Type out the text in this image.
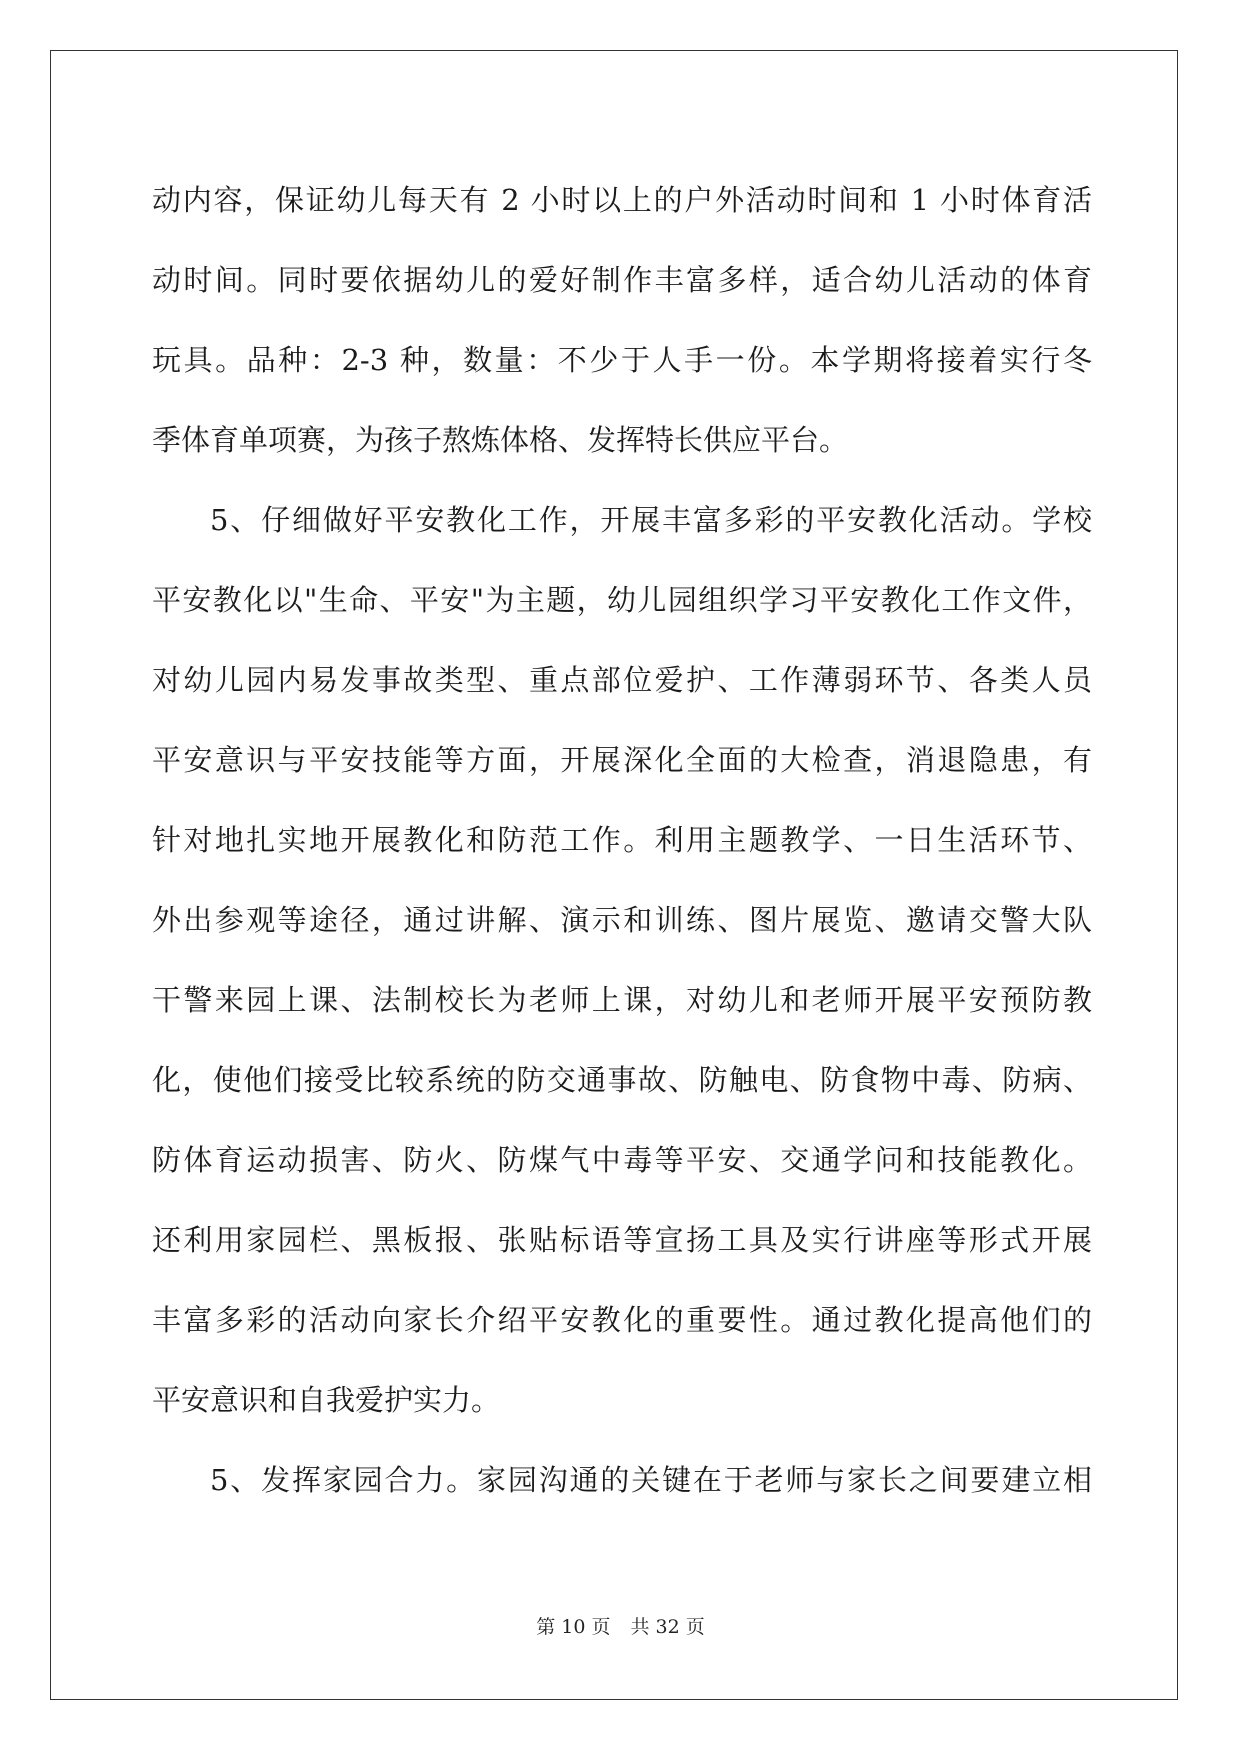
动内容，保证幼儿每天有 2 小时以上的户外活动时间和 1 小时体育活
动时间。同时要依据幼儿的爱好制作丰富多样，适合幼儿活动的体育
玩具。品种：2-3 种，数量：不少于人手一份。本学期将接着实行冬
季体育单项赛，为孩子熬炼体格、发挥特长供应平台。
5、仔细做好平安教化工作，开展丰富多彩的平安教化活动。学校
平安教化以"生命、平安"为主题，幼儿园组织学习平安教化工作文件，
对幼儿园内易发事故类型、重点部位爱护、工作薄弱环节、各类人员
平安意识与平安技能等方面，开展深化全面的大检查，消退隐患，有
针对地扎实地开展教化和防范工作。利用主题教学、一日生活环节、
外出参观等途径，通过讲解、演示和训练、图片展览、邀请交警大队
干警来园上课、法制校长为老师上课，对幼儿和老师开展平安预防教
化，使他们接受比较系统的防交通事故、防触电、防食物中毒、防病、
防体育运动损害、防火、防煤气中毒等平安、交通学问和技能教化。
还利用家园栏、黑板报、张贴标语等宣扬工具及实行讲座等形式开展
丰富多彩的活动向家长介绍平安教化的重要性。通过教化提高他们的
平安意识和自我爱护实力。
5、发挥家园合力。家园沟通的关键在于老师与家长之间要建立相
第 10 页 共 32 页
